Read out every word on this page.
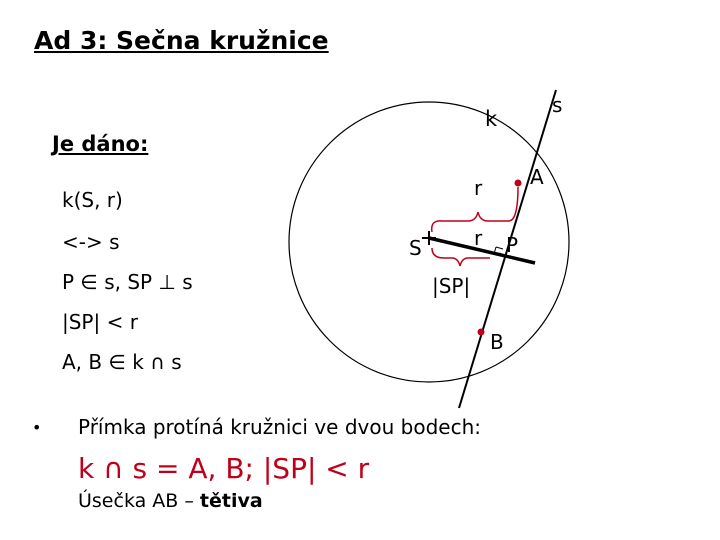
Ad 3: Sečna kružnice
Je dáno:
k(S, r)
<-> s
P ∈ s, SP ⊥ s
|SP| < r
A, B ∈ k ∩ s
k
s
A
B
S	P
r
r
|SP|
• Přímka protíná kružnici ve dvou bodech:
k ∩ s = A, B; |SP| < r
Úsečka AB – tětiva
